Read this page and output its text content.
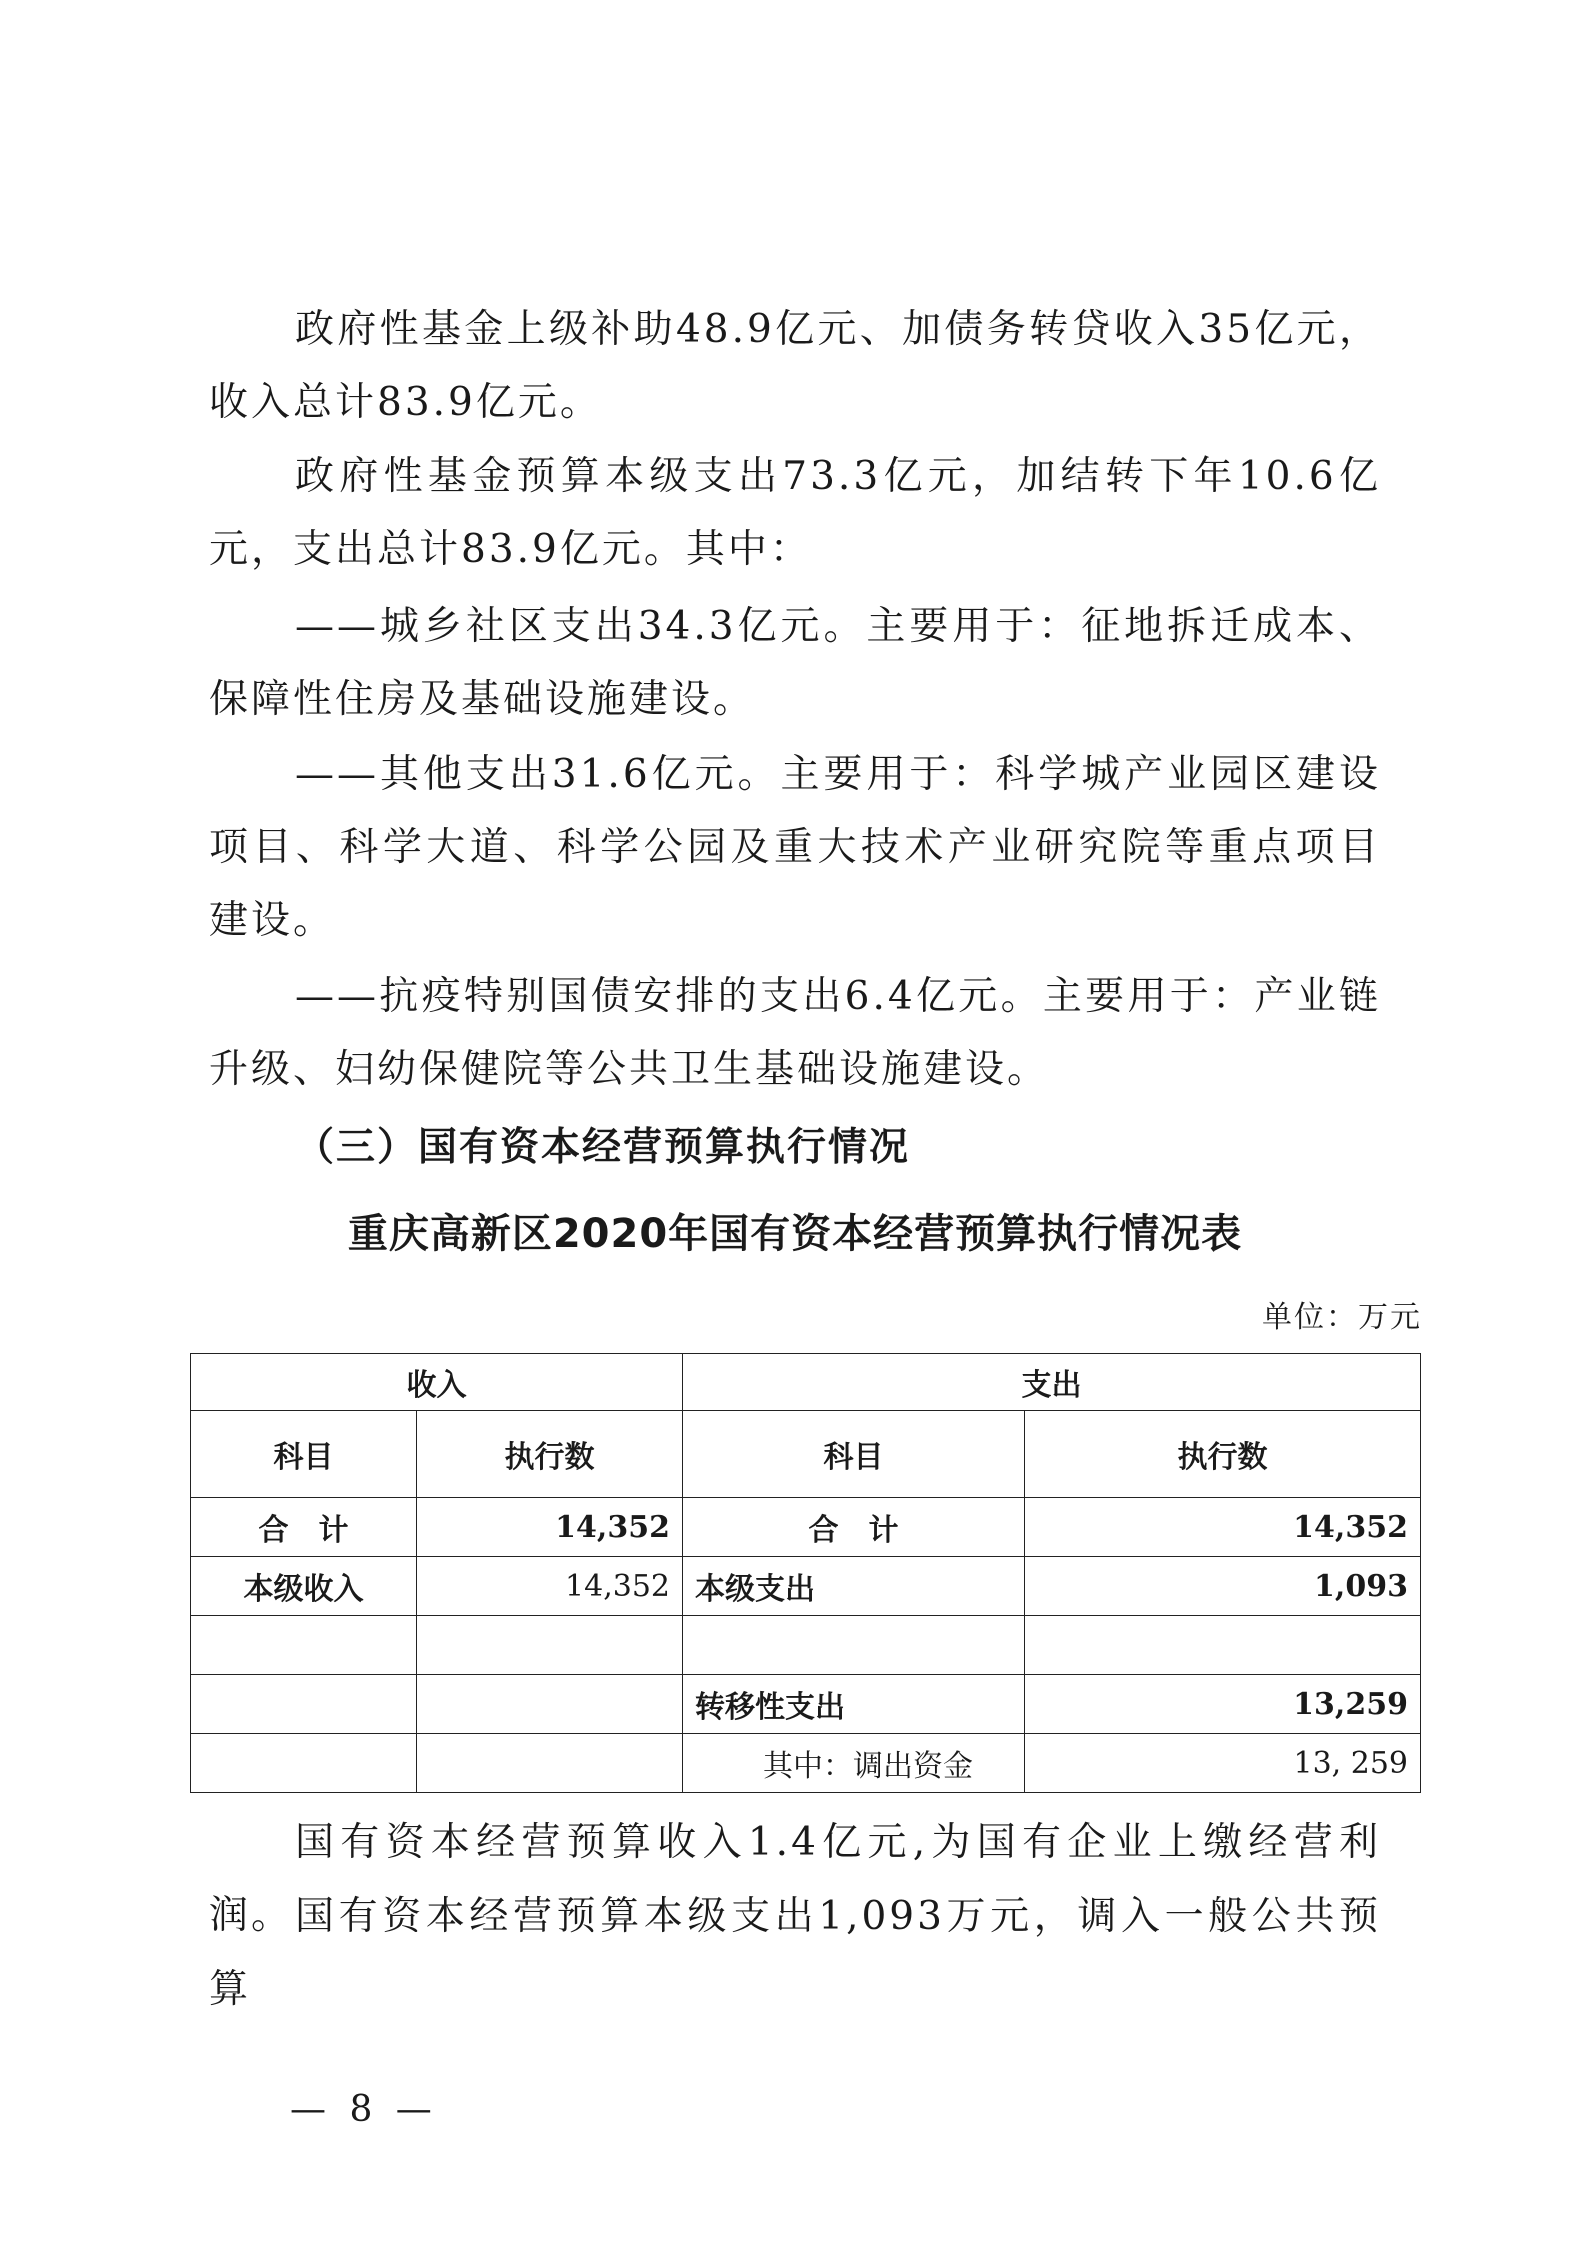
政府性基金上级补助48.9亿元、加债务转贷收入35亿元，收入总计83.9亿元。

政府性基金预算本级支出73.3亿元，加结转下年10.6亿元，支出总计83.9亿元。其中：

——城乡社区支出34.3亿元。主要用于：征地拆迁成本、保障性住房及基础设施建设。

——其他支出31.6亿元。主要用于：科学城产业园区建设项目、科学大道、科学公园及重大技术产业研究院等重点项目建设。

——抗疫特别国债安排的支出6.4亿元。主要用于：产业链升级、妇幼保健院等公共卫生基础设施建设。

（三）国有资本经营预算执行情况
重庆高新区2020年国有资本经营预算执行情况表
单位：万元
收入		支出	
科目	执行数	科目	执行数
合　计	14,352	合　计	14,352
本级收入	14,352	本级支出	1,093

		转移性支出	13,259
		其中：调出资金	13, 259

国有资本经营预算收入1.4亿元,为国有企业上缴经营利润。 国有资本经营预算本级支出1,093万元，调入一般公共预算

— 8 —
